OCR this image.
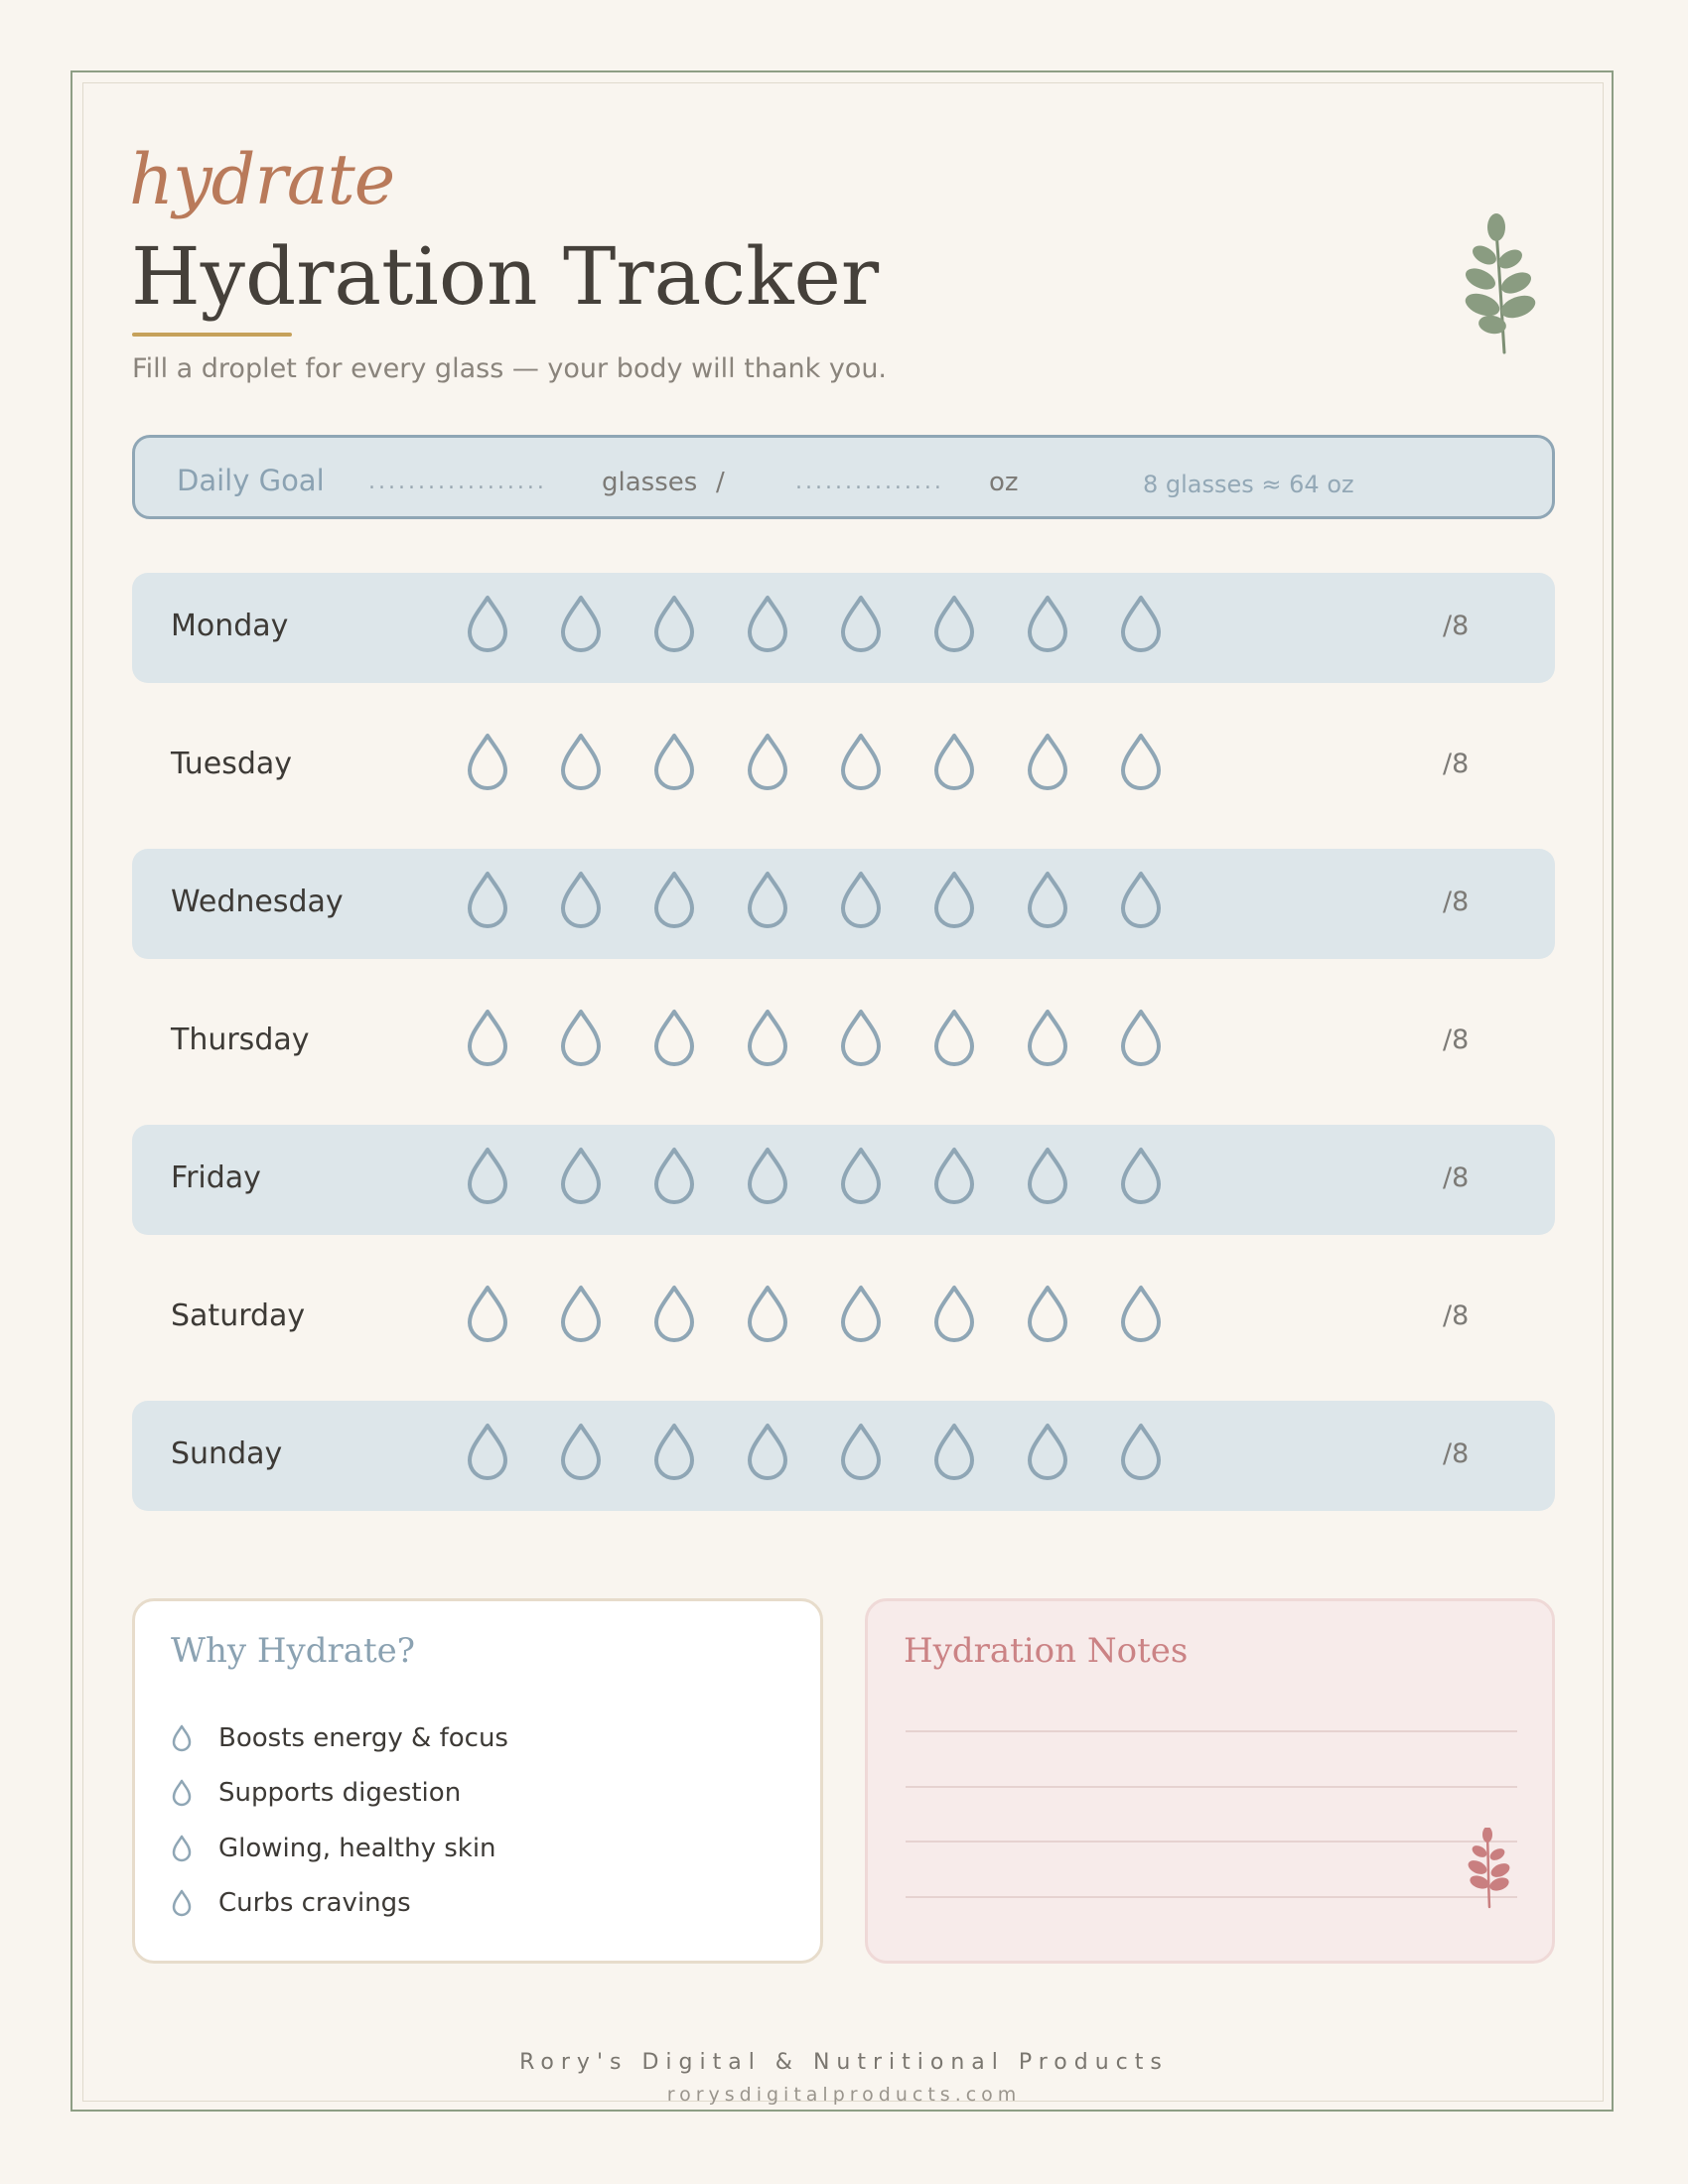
hydrate
Hydration Tracker
Fill a droplet for every glass — your body will thank you.
Daily Goal .................. glasses /	............... oz	8 glasses ≈ 64 oz
Monday	/8
Tuesday	/8
Wednesday	/8
Thursday	/8
Friday	/8
Saturday	/8
Sunday	/8
Why Hydrate?
Boosts energy & focus
Supports digestion
Glowing, healthy skin
Curbs cravings
Hydration Notes
Rory's Digital & Nutritional Products
rorysdigitalproducts.com
